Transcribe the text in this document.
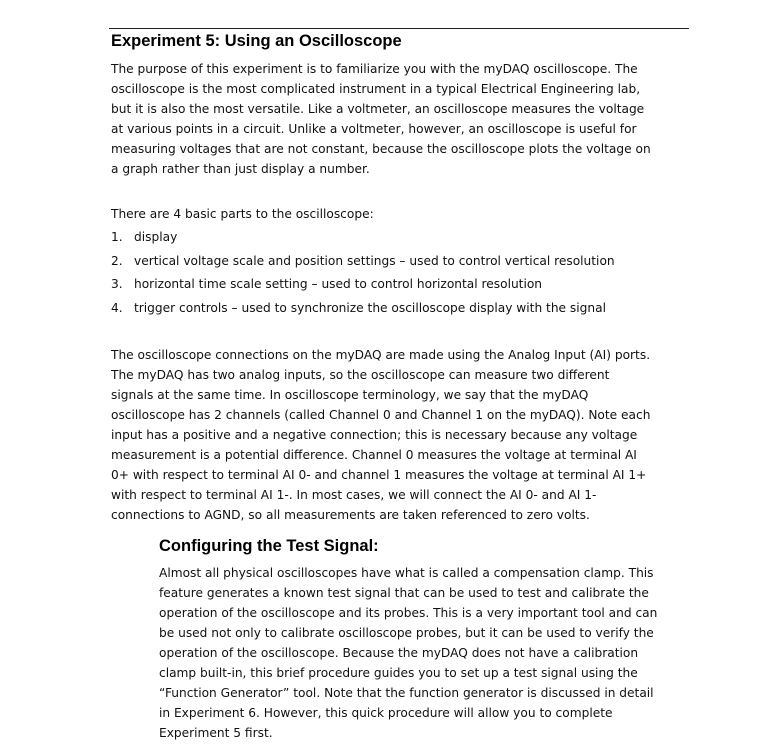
Experiment 5: Using an Oscilloscope

The purpose of this experiment is to familiarize you with the myDAQ oscilloscope. The
oscilloscope is the most complicated instrument in a typical Electrical Engineering lab,
but it is also the most versatile. Like a voltmeter, an oscilloscope measures the voltage
at various points in a circuit. Unlike a voltmeter, however, an oscilloscope is useful for
measuring voltages that are not constant, because the oscilloscope plots the voltage on
a graph rather than just display a number.

There are 4 basic parts to the oscilloscope:

1. display
2. vertical voltage scale and position settings – used to control vertical resolution
3. horizontal time scale setting – used to control horizontal resolution
4. trigger controls – used to synchronize the oscilloscope display with the signal

The oscilloscope connections on the myDAQ are made using the Analog Input (AI) ports.
The myDAQ has two analog inputs, so the oscilloscope can measure two different
signals at the same time. In oscilloscope terminology, we say that the myDAQ
oscilloscope has 2 channels (called Channel 0 and Channel 1 on the myDAQ). Note each
input has a positive and a negative connection; this is necessary because any voltage
measurement is a potential difference. Channel 0 measures the voltage at terminal AI
0+ with respect to terminal AI 0- and channel 1 measures the voltage at terminal AI 1+
with respect to terminal AI 1-. In most cases, we will connect the AI 0- and AI 1-
connections to AGND, so all measurements are taken referenced to zero volts.

Configuring the Test Signal:

Almost all physical oscilloscopes have what is called a compensation clamp. This
feature generates a known test signal that can be used to test and calibrate the
operation of the oscilloscope and its probes. This is a very important tool and can
be used not only to calibrate oscilloscope probes, but it can be used to verify the
operation of the oscilloscope. Because the myDAQ does not have a calibration
clamp built-in, this brief procedure guides you to set up a test signal using the
“Function Generator” tool. Note that the function generator is discussed in detail
in Experiment 6. However, this quick procedure will allow you to complete
Experiment 5 first.
